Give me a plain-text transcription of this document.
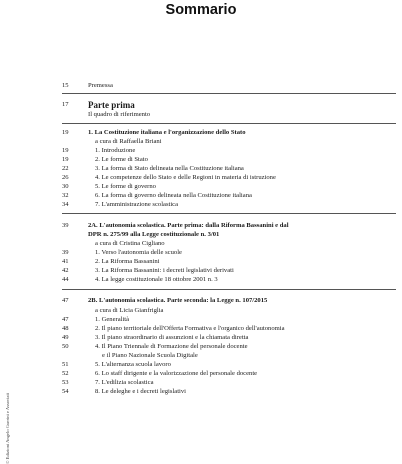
Sommario
© Edizioni Angelo Guerini e Associati
15	Premessa
17	Parte prima
Il quadro di riferimento
19	1. La Costituzione italiana e l'organizzazione dello Stato
a cura di Raffaella Briani
19	1. Introduzione
19	2. Le forme di Stato
22	3. La forma di Stato delineata nella Costituzione italiana
26	4. Le competenze dello Stato e delle Regioni in materia di istruzione
30	5. Le forme di governo
32	6. La forma di governo delineata nella Costituzione italiana
34	7. L'amministrazione scolastica
39	2A. L'autonomia scolastica. Parte prima: dalla Riforma Bassanini e dal
DPR n. 275/99 alla Legge costituzionale n. 3/01
a cura di Cristina Cigliano
39	1. Verso l'autonomia delle scuole
41	2. La Riforma Bassanini
42	3. La Riforma Bassanini: i decreti legislativi derivati
44	4. La legge costituzionale 18 ottobre 2001 n. 3
47	2B. L'autonomia scolastica. Parte seconda: la Legge n. 107/2015
a cura di Licia Gianfriglia
47	1. Generalità
48	2. Il piano territoriale dell'Offerta Formativa e l'organico dell'autonomia
49	3. Il piano straordinario di assunzioni e la chiamata diretta
50	4. Il Piano Triennale di Formazione del personale docente
e il Piano Nazionale Scuola Digitale
51	5. L'alternanza scuola lavoro
52	6. Lo staff dirigente e la valorizzazione del personale docente
53	7. L'edilizia scolastica
54	8. Le deleghe e i decreti legislativi
